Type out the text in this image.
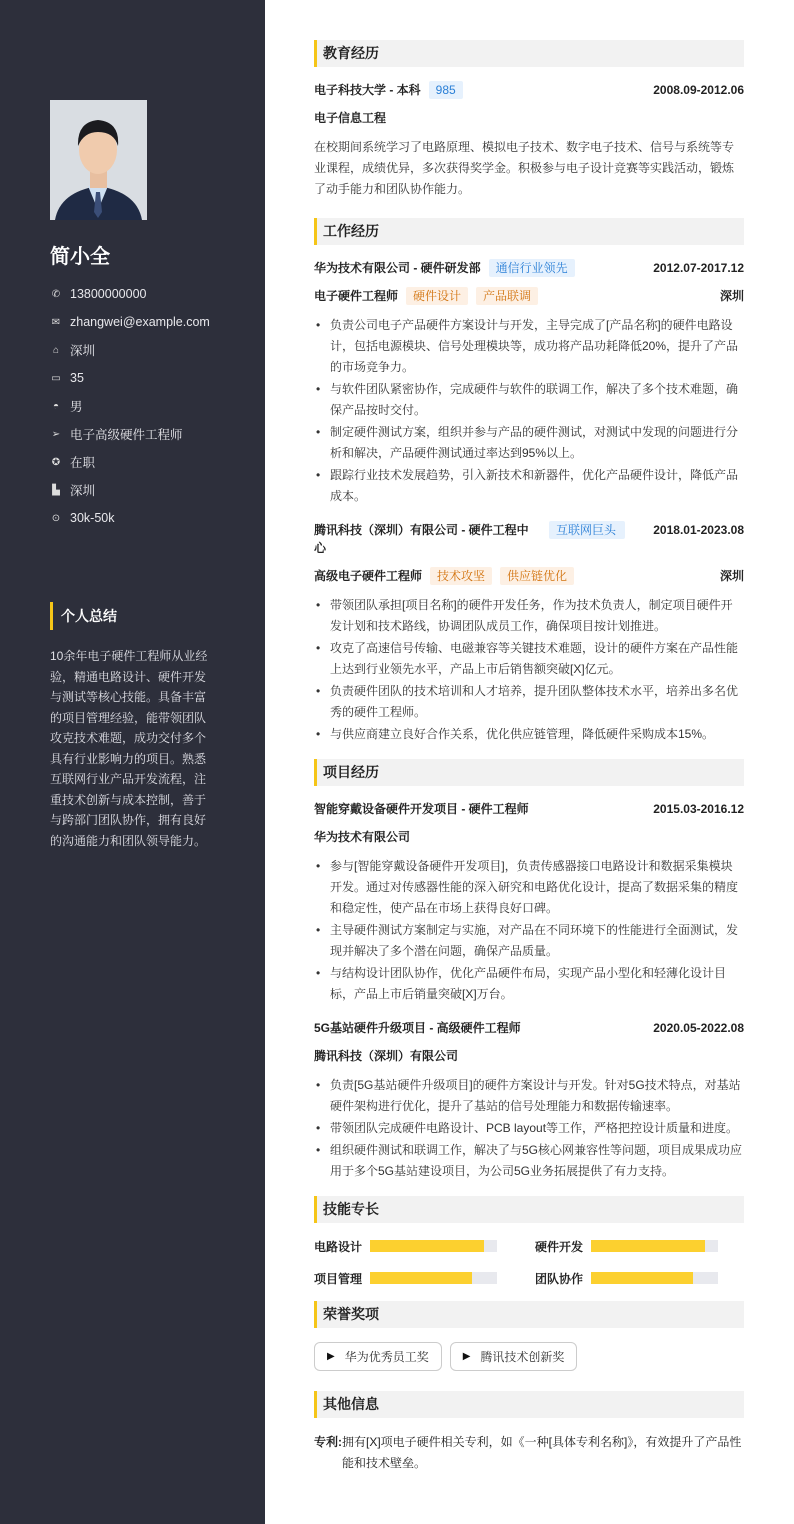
简小全
✆ 13800000000
✉ zhangwei@example.com
⌂ 深圳
▭ 35
◓ 男
➢ 电子高级硬件工程师
✪ 在职
▙ 深圳
⊙ 30k-50k
个人总结
10余年电子硬件工程师从业经验，精通电路设计、硬件开发与测试等核心技能。具备丰富的项目管理经验，能带领团队攻克技术难题，成功交付多个具有行业影响力的项目。熟悉互联网行业产品开发流程，注重技术创新与成本控制，善于与跨部门团队协作，拥有良好的沟通能力和团队领导能力。
教育经历
电子科技大学 - 本科	985	2008.09-2012.06
电子信息工程

在校期间系统学习了电路原理、模拟电子技术、数字电子技术、信号与系统等专业课程，成绩优异，多次获得奖学金。积极参与电子设计竞赛等实践活动，锻炼了动手能力和团队协作能力。

工作经历
华为技术有限公司 - 硬件研发部	通信行业领先	2012.07-2017.12
电子硬件工程师	硬件设计	产品联调	深圳
• 负责公司电子产品硬件方案设计与开发，主导完成了[产品名称]的硬件电路设计，包括电源模块、信号处理模块等，成功将产品功耗降低20%，提升了产品的市场竞争力。
• 与软件团队紧密协作，完成硬件与软件的联调工作，解决了多个技术难题，确保产品按时交付。
• 制定硬件测试方案，组织并参与产品的硬件测试，对测试中发现的问题进行分析和解决，产品硬件测试通过率达到95%以上。
• 跟踪行业技术发展趋势，引入新技术和新器件，优化产品硬件设计，降低产品成本。
腾讯科技（深圳）有限公司 - 硬件工程中心
互联网巨头	2018.01-2023.08
高级电子硬件工程师	技术攻坚	供应链优化	深圳
• 带领团队承担[项目名称]的硬件开发任务，作为技术负责人，制定项目硬件开发计划和技术路线，协调团队成员工作，确保项目按计划推进。
• 攻克了高速信号传输、电磁兼容等关键技术难题，设计的硬件方案在产品性能上达到行业领先水平，产品上市后销售额突破[X]亿元。
• 负责硬件团队的技术培训和人才培养，提升团队整体技术水平，培养出多名优秀的硬件工程师。
• 与供应商建立良好合作关系，优化供应链管理，降低硬件采购成本15%。
项目经历
智能穿戴设备硬件开发项目 - 硬件工程师	2015.03-2016.12
华为技术有限公司
• 参与[智能穿戴设备硬件开发项目]，负责传感器接口电路设计和数据采集模块开发。通过对传感器性能的深入研究和电路优化设计，提高了数据采集的精度和稳定性，使产品在市场上获得良好口碑。
• 主导硬件测试方案制定与实施，对产品在不同环境下的性能进行全面测试，发现并解决了多个潜在问题，确保产品质量。
• 与结构设计团队协作，优化产品硬件布局，实现产品小型化和轻薄化设计目标，产品上市后销量突破[X]万台。
5G基站硬件升级项目 - 高级硬件工程师	2020.05-2022.08
腾讯科技（深圳）有限公司
• 负责[5G基站硬件升级项目]的硬件方案设计与开发。针对5G技术特点，对基站硬件架构进行优化，提升了基站的信号处理能力和数据传输速率。
• 带领团队完成硬件电路设计、PCB layout等工作，严格把控设计质量和进度。
• 组织硬件测试和联调工作，解决了与5G核心网兼容性等问题，项目成果成功应用于多个5G基站建设项目，为公司5G业务拓展提供了有力支持。
技能专长
电路设计	硬件开发
项目管理	团队协作
荣誉奖项
▶ 华为优秀员工奖	▶ 腾讯技术创新奖
其他信息
专利: 拥有[X]项电子硬件相关专利，如《一种[具体专利名称]》，有效提升了产品性能和技术壁垒。
